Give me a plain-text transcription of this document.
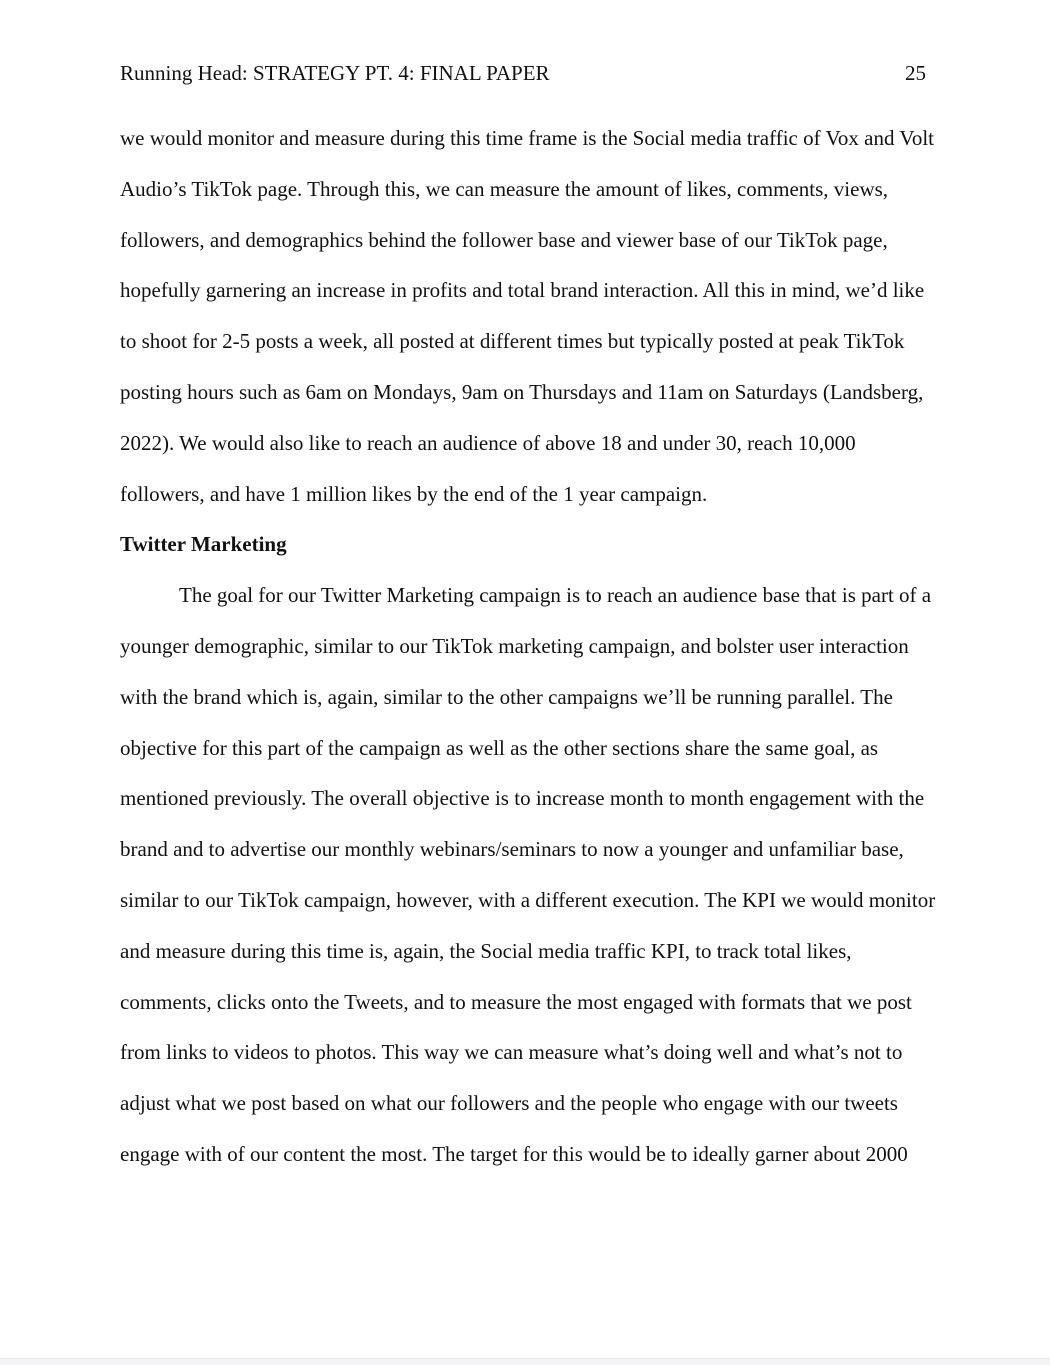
Running Head: STRATEGY PT. 4: FINAL PAPER	25
we would monitor and measure during this time frame is the Social media traffic of Vox and Volt
Audio’s TikTok page. Through this, we can measure the amount of likes, comments, views,
followers, and demographics behind the follower base and viewer base of our TikTok page,
hopefully garnering an increase in profits and total brand interaction. All this in mind, we’d like
to shoot for 2-5 posts a week, all posted at different times but typically posted at peak TikTok
posting hours such as 6am on Mondays, 9am on Thursdays and 11am on Saturdays (Landsberg,
2022). We would also like to reach an audience of above 18 and under 30, reach 10,000
followers, and have 1 million likes by the end of the 1 year campaign.
Twitter Marketing
The goal for our Twitter Marketing campaign is to reach an audience base that is part of a
younger demographic, similar to our TikTok marketing campaign, and bolster user interaction
with the brand which is, again, similar to the other campaigns we’ll be running parallel. The
objective for this part of the campaign as well as the other sections share the same goal, as
mentioned previously. The overall objective is to increase month to month engagement with the
brand and to advertise our monthly webinars/seminars to now a younger and unfamiliar base,
similar to our TikTok campaign, however, with a different execution. The KPI we would monitor
and measure during this time is, again, the Social media traffic KPI, to track total likes,
comments, clicks onto the Tweets, and to measure the most engaged with formats that we post
from links to videos to photos. This way we can measure what’s doing well and what’s not to
adjust what we post based on what our followers and the people who engage with our tweets
engage with of our content the most. The target for this would be to ideally garner about 2000
